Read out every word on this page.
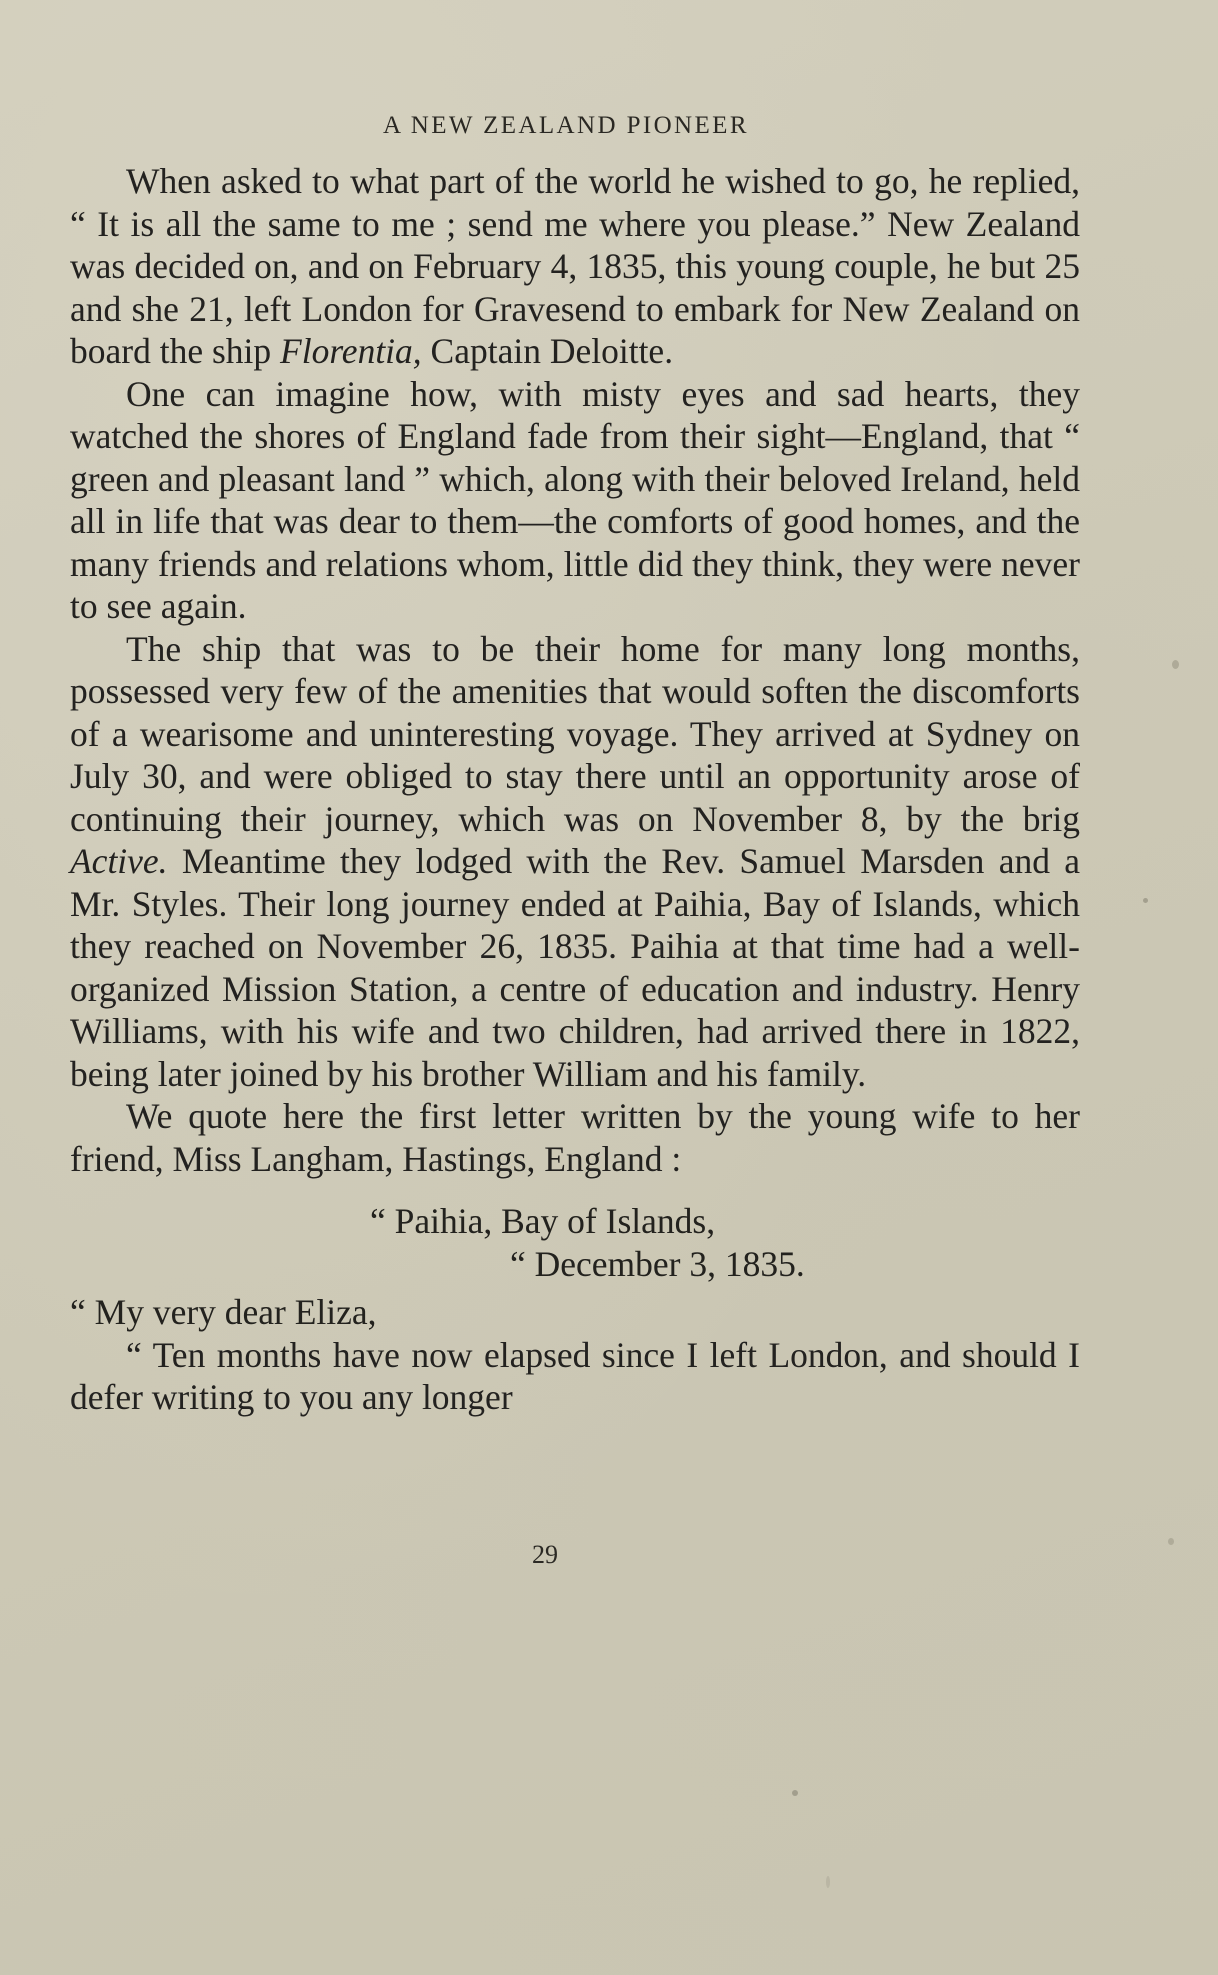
A NEW ZEALAND PIONEER

When asked to what part of the world he wished to go, he replied, “ It is all the same to me ; send me where you please.” New Zealand was decided on, and on February 4, 1835, this young couple, he but 25 and she 21, left London for Gravesend to embark for New Zealand on board the ship Florentia, Captain Deloitte.

One can imagine how, with misty eyes and sad hearts, they watched the shores of England fade from their sight—England, that “ green and pleasant land ” which, along with their beloved Ireland, held all in life that was dear to them—the comforts of good homes, and the many friends and relations whom, little did they think, they were never to see again.

The ship that was to be their home for many long months, possessed very few of the amenities that would soften the discomforts of a wearisome and uninteresting voyage. They arrived at Sydney on July 30, and were obliged to stay there until an opportunity arose of continuing their journey, which was on November 8, by the brig Active. Meantime they lodged with the Rev. Samuel Marsden and a Mr. Styles. Their long journey ended at Paihia, Bay of Islands, which they reached on November 26, 1835. Paihia at that time had a well-organized Mission Station, a centre of education and industry. Henry Williams, with his wife and two children, had arrived there in 1822, being later joined by his brother William and his family.

We quote here the first letter written by the young wife to her friend, Miss Langham, Hastings, England :

“ Paihia, Bay of Islands,
“ December 3, 1835.
“ My very dear Eliza,

“ Ten months have now elapsed since I left London, and should I defer writing to you any longer

29
